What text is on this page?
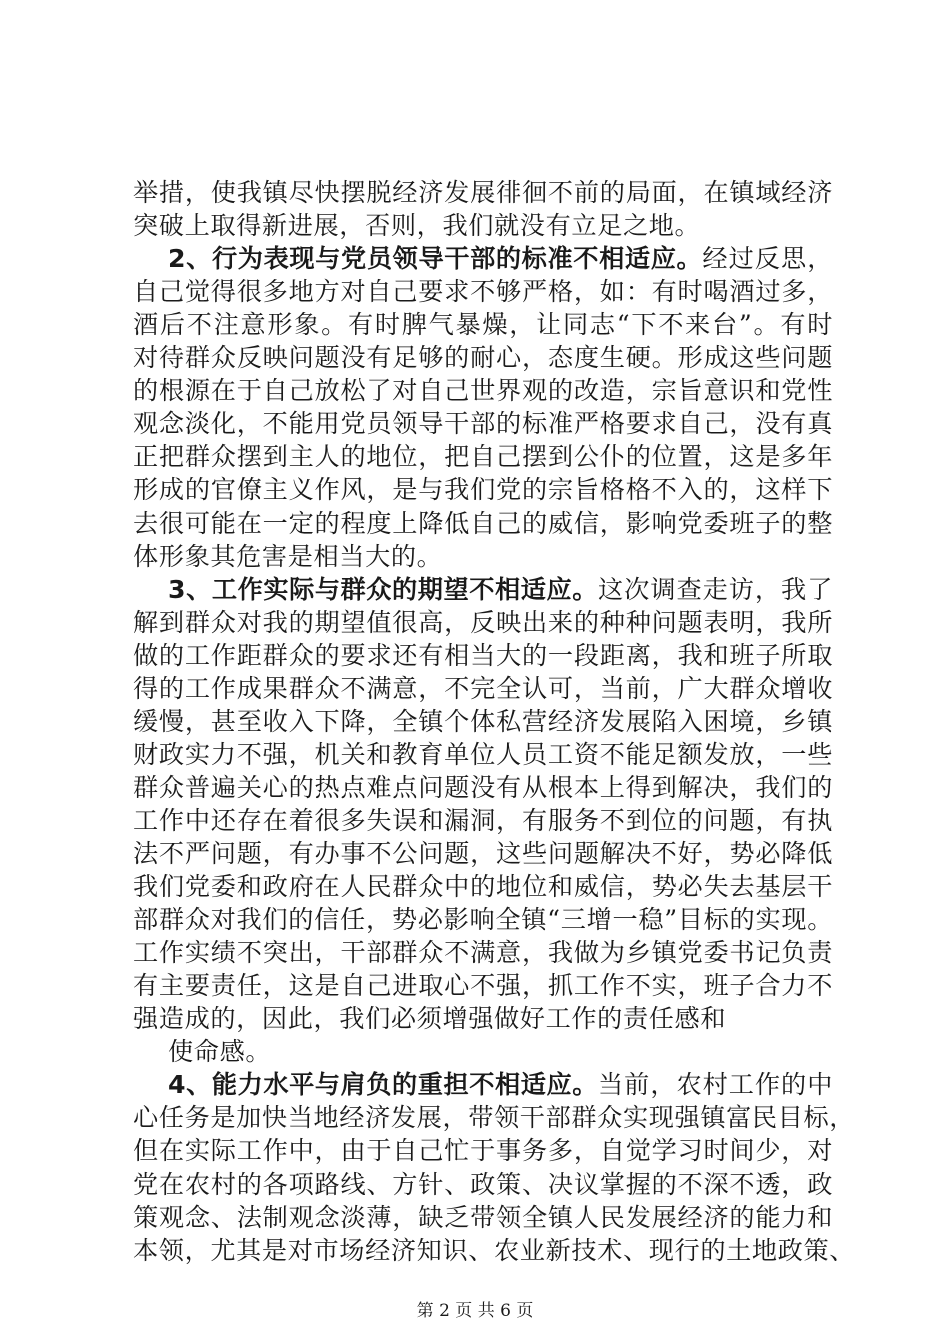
举措，使我镇尽快摆脱经济发展徘徊不前的局面，在镇域经济
突破上取得新进展，否则，我们就没有立足之地。
2、行为表现与党员领导干部的标准不相适应。经过反思，
自己觉得很多地方对自己要求不够严格，如：有时喝酒过多，
酒后不注意形象。有时脾气暴燥，让同志“下不来台”。有时
对待群众反映问题没有足够的耐心，态度生硬。形成这些问题
的根源在于自己放松了对自己世界观的改造，宗旨意识和党性
观念淡化，不能用党员领导干部的标准严格要求自己，没有真
正把群众摆到主人的地位，把自己摆到公仆的位置，这是多年
形成的官僚主义作风，是与我们党的宗旨格格不入的，这样下
去很可能在一定的程度上降低自己的威信，影响党委班子的整
体形象其危害是相当大的。
3、工作实际与群众的期望不相适应。这次调查走访，我了
解到群众对我的期望值很高，反映出来的种种问题表明，我所
做的工作距群众的要求还有相当大的一段距离，我和班子所取
得的工作成果群众不满意，不完全认可，当前，广大群众增收
缓慢，甚至收入下降，全镇个体私营经济发展陷入困境，乡镇
财政实力不强，机关和教育单位人员工资不能足额发放，一些
群众普遍关心的热点难点问题没有从根本上得到解决，我们的
工作中还存在着很多失误和漏洞，有服务不到位的问题，有执
法不严问题，有办事不公问题，这些问题解决不好，势必降低
我们党委和政府在人民群众中的地位和威信，势必失去基层干
部群众对我们的信任，势必影响全镇“三增一稳”目标的实现。
工作实绩不突出，干部群众不满意，我做为乡镇党委书记负责
有主要责任，这是自己进取心不强，抓工作不实，班子合力不
强造成的，因此，我们必须增强做好工作的责任感和
使命感。
4、能力水平与肩负的重担不相适应。当前，农村工作的中
心任务是加快当地经济发展，带领干部群众实现强镇富民目标，
但在实际工作中，由于自己忙于事务多，自觉学习时间少，对
党在农村的各项路线、方针、政策、决议掌握的不深不透，政
策观念、法制观念淡薄，缺乏带领全镇人民发展经济的能力和
第 2 页 共 6 页
本领，尤其是对市场经济知识、农业新技术、现行的土地政策、
